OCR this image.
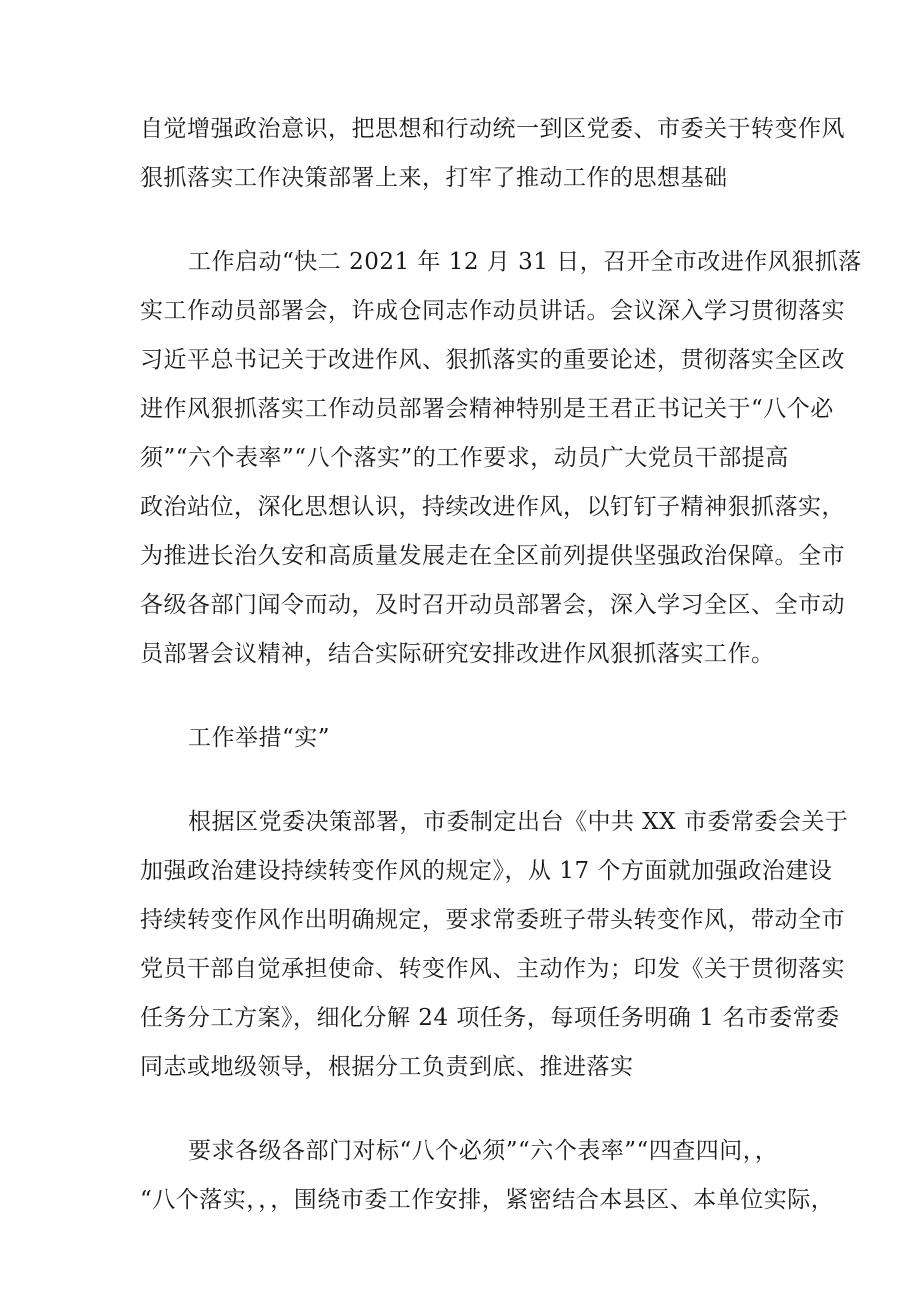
自觉增强政治意识，把思想和行动统一到区党委、市委关于转变作风
狠抓落实工作决策部署上来，打牢了推动工作的思想基础
工作启动“快二 2021 年 12 月 31 日，召开全市改进作风狠抓落
实工作动员部署会，许成仓同志作动员讲话。会议深入学习贯彻落实
习近平总书记关于改进作风、狠抓落实的重要论述，贯彻落实全区改
进作风狠抓落实工作动员部署会精神特别是王君正书记关于“八个必
须”“六个表率”“八个落实”的工作要求，动员广大党员干部提高
政治站位，深化思想认识，持续改进作风，以钉钉子精神狠抓落实，
为推进长治久安和高质量发展走在全区前列提供坚强政治保障。全市
各级各部门闻令而动，及时召开动员部署会，深入学习全区、全市动
员部署会议精神，结合实际研究安排改进作风狠抓落实工作。
工作举措“实”
根据区党委决策部署，市委制定出台《中共 XX 市委常委会关于
加强政治建设持续转变作风的规定》，从 17 个方面就加强政治建设
持续转变作风作出明确规定，要求常委班子带头转变作风，带动全市
党员干部自觉承担使命、转变作风、主动作为；印发《关于贯彻落实
任务分工方案》，细化分解 24 项任务，每项任务明确 1 名市委常委
同志或地级领导，根据分工负责到底、推进落实
要求各级各部门对标“八个必须”“六个表率”“四查四问，，
“八个落实，，，围绕市委工作安排，紧密结合本县区、本单位实际，
